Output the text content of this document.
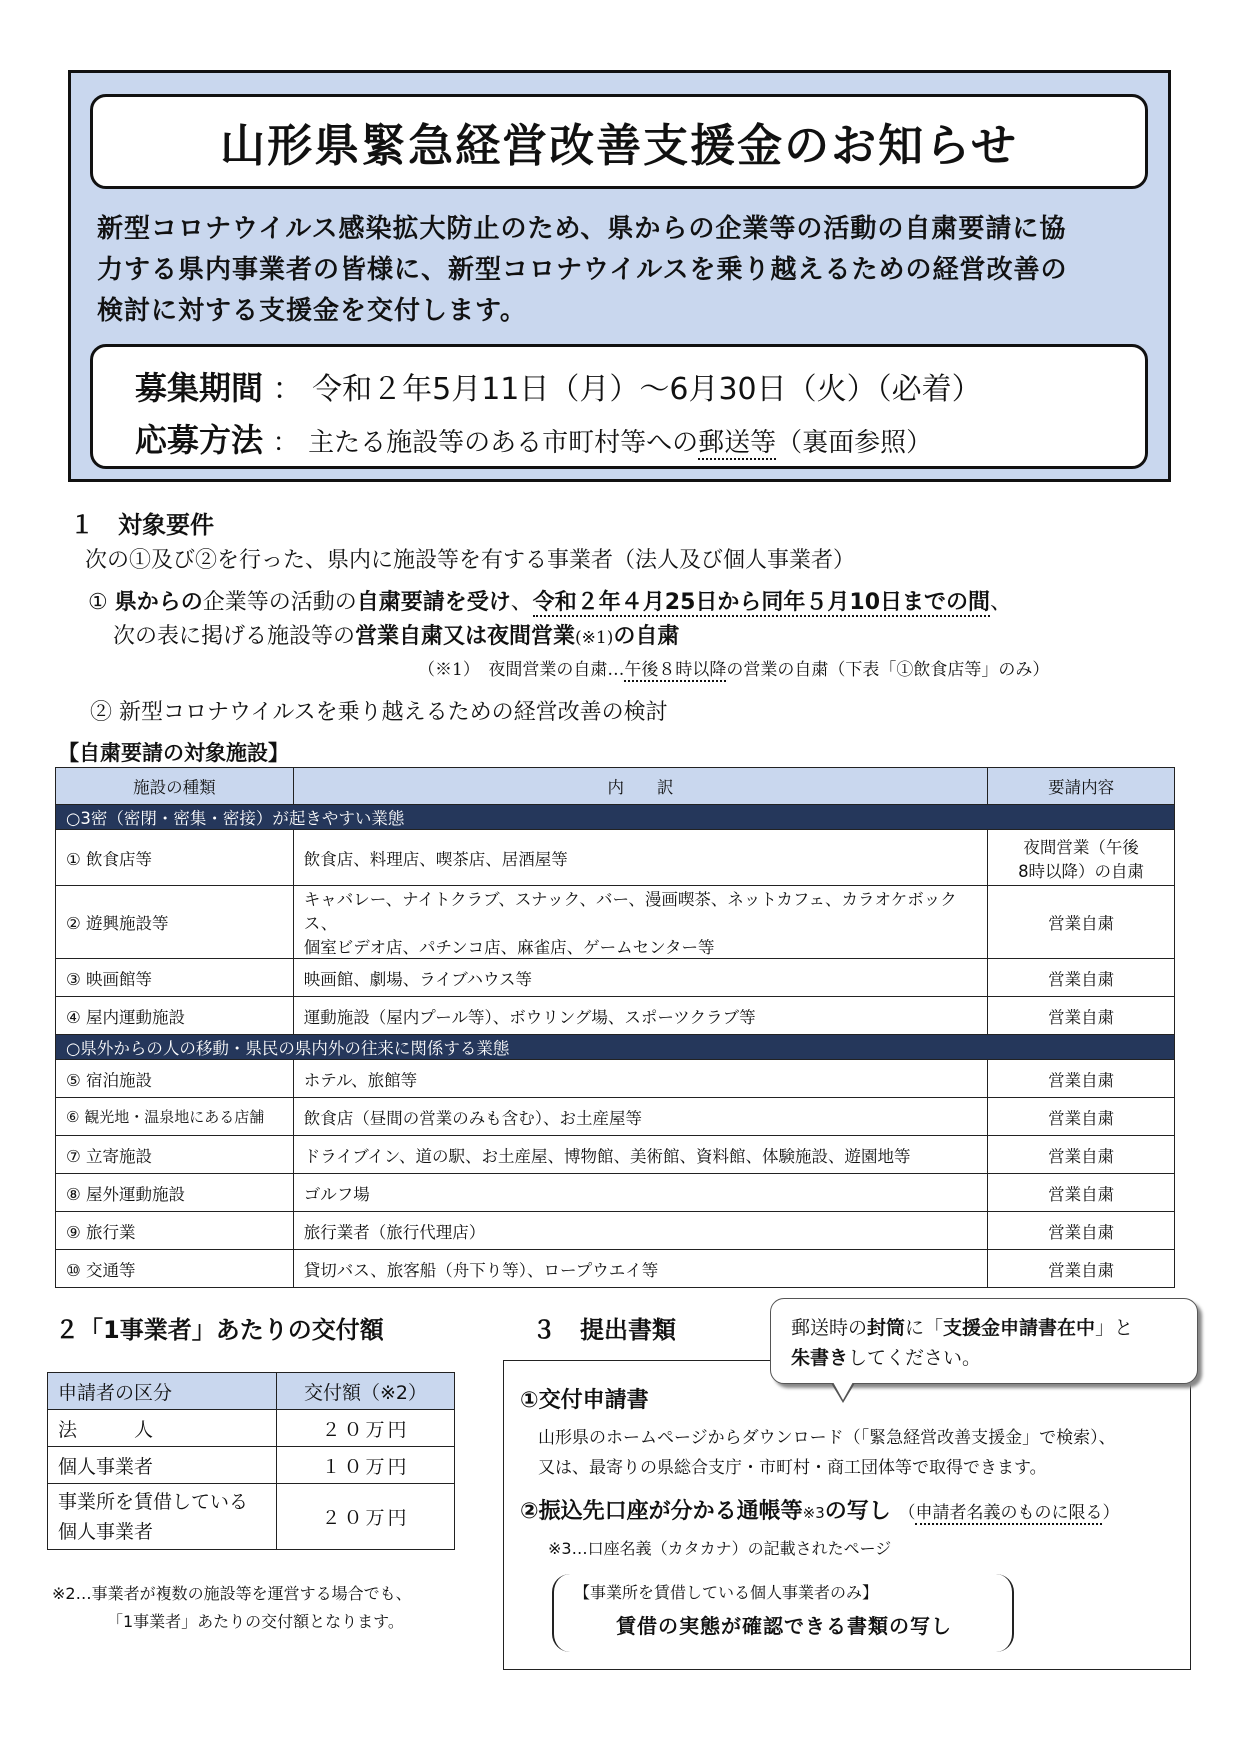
山形県緊急経営改善支援金のお知らせ
新型コロナウイルス感染拡大防止のため、県からの企業等の活動の自粛要請に協
力する県内事業者の皆様に、新型コロナウイルスを乗り越えるための経営改善の
検討に対する支援金を交付します。
募集期間 ： 令和２年5月11日（月）～6月30日（火）（必着）
応募方法 ： 主たる施設等のある市町村等への郵送等（裏面参照）
１　対象要件
次の①及び②を行った、県内に施設等を有する事業者（法人及び個人事業者）
① 県からの企業等の活動の自粛要請を受け、令和２年４月25日から同年５月10日までの間、
次の表に掲げる施設等の営業自粛又は夜間営業(※1)の自粛
（※1）　夜間営業の自粛…午後８時以降の営業の自粛（下表「①飲食店等」のみ）
② 新型コロナウイルスを乗り越えるための経営改善の検討
【自粛要請の対象施設】
施設の種類	内　　訳	要請内容
○3密（密閉・密集・密接）が起きやすい業態		
① 飲食店等	飲食店、料理店、喫茶店、居酒屋等	夜間営業（午後
8時以降）の自粛

② 遊興施設等	キャバレー、ナイトクラブ、スナック、バー、漫画喫茶、ネットカフェ、カラオケボックス、
個室ビデオ店、パチンコ店、麻雀店、ゲームセンター等	営業自粛
③ 映画館等	映画館、劇場、ライブハウス等	営業自粛
④ 屋内運動施設	運動施設（屋内プール等）、ボウリング場、スポーツクラブ等	営業自粛
○県外からの人の移動・県民の県内外の往来に関係する業態		
⑤ 宿泊施設	ホテル、旅館等	営業自粛
⑥ 観光地・温泉地にある店舗	飲食店（昼間の営業のみも含む）、お土産屋等	営業自粛
⑦ 立寄施設	ドライブイン、道の駅、お土産屋、博物館、美術館、資料館、体験施設、遊園地等	営業自粛
⑧ 屋外運動施設	ゴルフ場	営業自粛
⑨ 旅行業	旅行業者（旅行代理店）	営業自粛
⑩ 交通等	貸切バス、旅客船（舟下り等）、ロープウエイ等	営業自粛
２「1事業者」あたりの交付額
申請者の区分	交付額（※2）
法　　　人	２０万円
個人事業者	１０万円

事業所を賃借している
個人事業者	２０万円
※2…事業者が複数の施設等を運営する場合でも、
「1事業者」あたりの交付額となります。
３　提出書類
①交付申請書
山形県のホームページからダウンロード（「緊急経営改善支援金」で検索）、
又は、最寄りの県総合支庁・市町村・商工団体等で取得できます。
②振込先口座が分かる通帳等※3の写し （申請者名義のものに限る）
※3…口座名義（カタカナ）の記載されたページ
【事業所を賃借している個人事業者のみ】
賃借の実態が確認できる書類の写し
郵送時の封筒に「支援金申請書在中」と
朱書きしてください。
